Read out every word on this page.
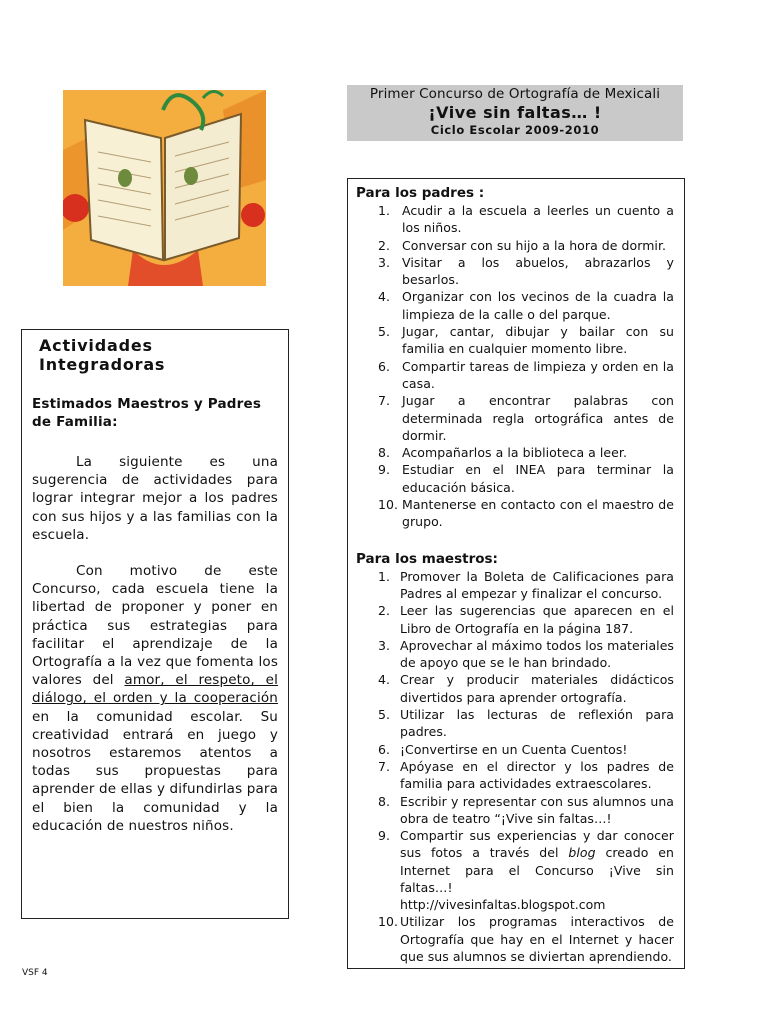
Primer Concurso de Ortografía de Mexicali
¡Vive sin faltas… !
Ciclo Escolar 2009-2010
Actividades Integradoras
Estimados Maestros y Padres de Familia:

La siguiente es una sugerencia de actividades para lograr integrar mejor a los padres con sus hijos y a las familias con la escuela.

Con motivo de este Concurso, cada escuela tiene la libertad de proponer y poner en práctica sus estrategias para facilitar el aprendizaje de la Ortografía a la vez que fomenta los valores del amor, el respeto, el diálogo, el orden y la cooperación en la comunidad escolar. Su creatividad entrará en juego y nosotros estaremos atentos a todas sus propuestas para aprender de ellas y difundirlas para el bien la comunidad y la educación de nuestros niños.

Para los padres :
1. Acudir a la escuela a leerles un cuento a los niños.
2. Conversar con su hijo a la hora de dormir.
3. Visitar a los abuelos, abrazarlos y besarlos.
4. Organizar con los vecinos de la cuadra la limpieza de la calle o del parque.
5. Jugar, cantar, dibujar y bailar con su familia en cualquier momento libre.
6. Compartir tareas de limpieza y orden en la casa.
7. Jugar a encontrar palabras con determinada regla ortográfica antes de dormir.
8. Acompañarlos a la biblioteca a leer.
9. Estudiar en el INEA para terminar la educación básica.
10. Mantenerse en contacto con el maestro de grupo.
Para los maestros:
1. Promover la Boleta de Calificaciones para Padres al empezar y finalizar el concurso.
2. Leer las sugerencias que aparecen en el Libro de Ortografía en la página 187.
3. Aprovechar al máximo todos los materiales de apoyo que se le han brindado.
4. Crear y producir materiales didácticos divertidos para aprender ortografía.
5. Utilizar las lecturas de reflexión para padres.
6. ¡Convertirse en un Cuenta Cuentos!
7. Apóyase en el director y los padres de familia para actividades extraescolares.
8. Escribir y representar con sus alumnos una obra de teatro “¡Vive sin faltas…!
9. Compartir sus experiencias y dar conocer sus fotos a través del blog creado en Internet para el Concurso ¡Vive sin faltas…!
http://vivesinfaltas.blogspot.com
10. Utilizar los programas interactivos de Ortografía que hay en el Internet y hacer que sus alumnos se diviertan aprendiendo.
VSF 4
